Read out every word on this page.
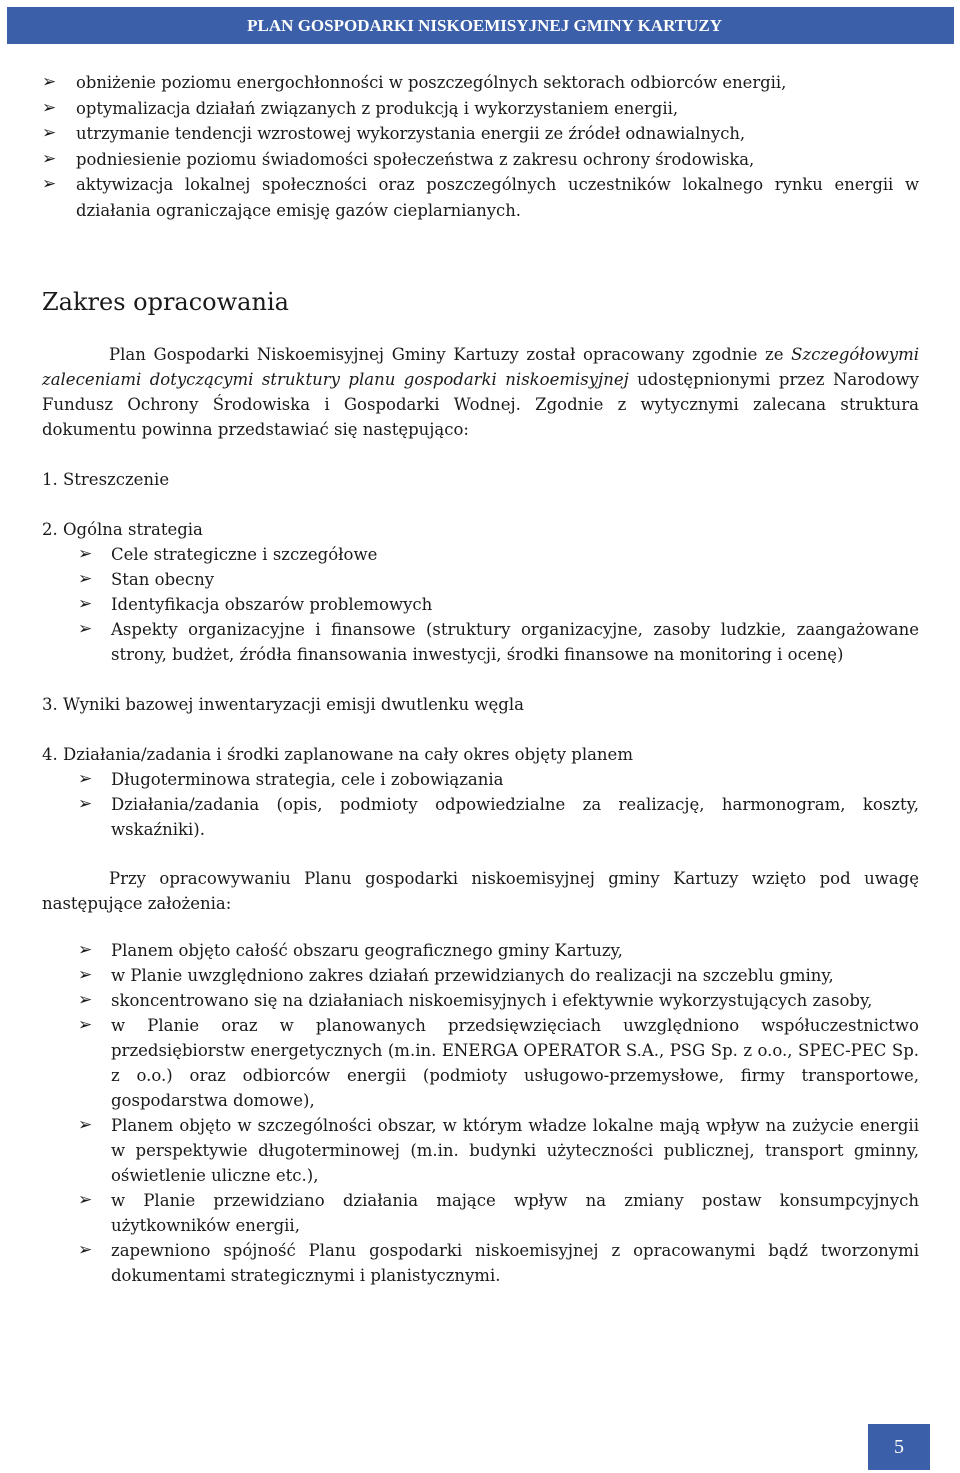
PLAN GOSPODARKI NISKOEMISYJNEJ GMINY KARTUZY
➢ obniżenie poziomu energochłonności w poszczególnych sektorach odbiorców energii,
➢ optymalizacja działań związanych z produkcją i wykorzystaniem energii,
➢ utrzymanie tendencji wzrostowej wykorzystania energii ze źródeł odnawialnych,
➢ podniesienie poziomu świadomości społeczeństwa z zakresu ochrony środowiska,
➢ aktywizacja lokalnej społeczności oraz poszczególnych uczestników lokalnego rynku energii w działania ograniczające emisję gazów cieplarnianych.
Zakres opracowania

Plan Gospodarki Niskoemisyjnej Gminy Kartuzy został opracowany zgodnie ze Szczegółowymi zaleceniami dotyczącymi struktury planu gospodarki niskoemisyjnej udostępnionymi przez Narodowy Fundusz Ochrony Środowiska i Gospodarki Wodnej. Zgodnie z wytycznymi zalecana struktura dokumentu powinna przedstawiać się następująco:

1. Streszczenie

2. Ogólna strategia

➢ Cele strategiczne i szczegółowe
➢ Stan obecny
➢ Identyfikacja obszarów problemowych
➢ Aspekty organizacyjne i finansowe (struktury organizacyjne, zasoby ludzkie, zaangażowane strony, budżet, źródła finansowania inwestycji, środki finansowe na monitoring i ocenę)

3. Wyniki bazowej inwentaryzacji emisji dwutlenku węgla

4. Działania/zadania i środki zaplanowane na cały okres objęty planem

➢ Długoterminowa strategia, cele i zobowiązania
➢ Działania/zadania (opis, podmioty odpowiedzialne za realizację, harmonogram, koszty, wskaźniki).

Przy opracowywaniu Planu gospodarki niskoemisyjnej gminy Kartuzy wzięto pod uwagę następujące założenia:

➢ Planem objęto całość obszaru geograficznego gminy Kartuzy,
➢ w Planie uwzględniono zakres działań przewidzianych do realizacji na szczeblu gminy,
➢ skoncentrowano się na działaniach niskoemisyjnych i efektywnie wykorzystujących zasoby,
➢ w Planie oraz w planowanych przedsięwzięciach uwzględniono współuczestnictwo przedsiębiorstw energetycznych (m.in. ENERGA OPERATOR S.A., PSG Sp. z o.o., SPEC-PEC Sp. z o.o.) oraz odbiorców energii (podmioty usługowo-przemysłowe, firmy transportowe, gospodarstwa domowe),
➢ Planem objęto w szczególności obszar, w którym władze lokalne mają wpływ na zużycie energii w perspektywie długoterminowej (m.in. budynki użyteczności publicznej, transport gminny, oświetlenie uliczne etc.),
➢ w Planie przewidziano działania mające wpływ na zmiany postaw konsumpcyjnych użytkowników energii,
➢ zapewniono spójność Planu gospodarki niskoemisyjnej z opracowanymi bądź tworzonymi dokumentami strategicznymi i planistycznymi.
5
